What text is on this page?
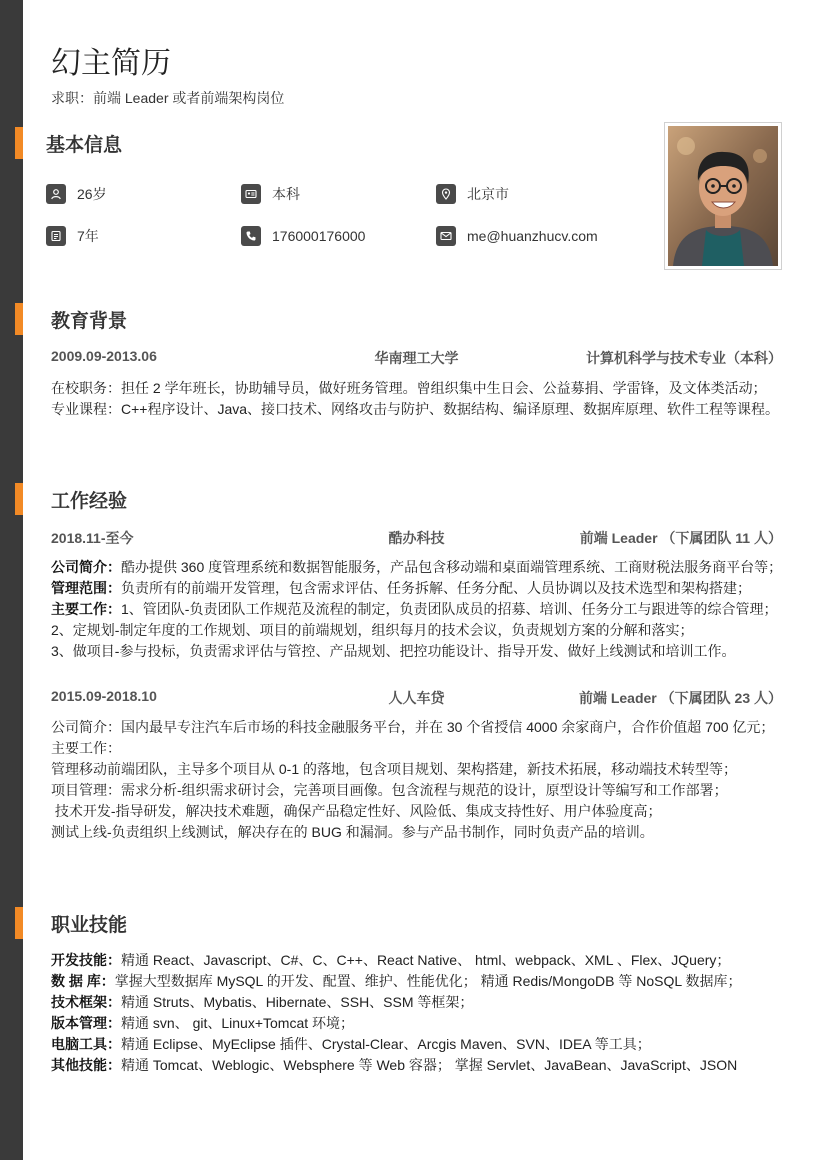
幻主简历
求职：前端 Leader 或者前端架构岗位
基本信息
26岁	本科	北京市
7年	176000176000	me@huanzhucv.com
教育背景
2009.09-2013.06	华南理工大学	计算机科学与技术专业（本科）
在校职务：担任 2 学年班长，协助辅导员，做好班务管理。曾组织集中生日会、公益募捐、学雷锋，及文体类活动；
专业课程：C++程序设计、Java、接口技术、网络攻击与防护、数据结构、编译原理、数据库原理、软件工程等课程。
工作经验
2018.11-至今	酷办科技	前端 Leader （下属团队 11 人）
公司简介：酷办提供 360 度管理系统和数据智能服务，产品包含移动端和桌面端管理系统、工商财税法服务商平台等；
管理范围：负责所有的前端开发管理，包含需求评估、任务拆解、任务分配、人员协调以及技术选型和架构搭建；
主要工作：1、管团队-负责团队工作规范及流程的制定，负责团队成员的招募、培训、任务分工与跟进等的综合管理；
2、定规划-制定年度的工作规划、项目的前端规划，组织每月的技术会议，负责规划方案的分解和落实；
3、做项目-参与投标，负责需求评估与管控、产品规划、把控功能设计、指导开发、做好上线测试和培训工作。
2015.09-2018.10	人人车贷	前端 Leader （下属团队 23 人）
公司简介：国内最早专注汽车后市场的科技金融服务平台，并在 30 个省授信 4000 余家商户，合作价值超 700 亿元；
主要工作：
管理移动前端团队，主导多个项目从 0-1 的落地，包含项目规划、架构搭建，新技术拓展，移动端技术转型等；
项目管理：需求分析-组织需求研讨会，完善项目画像。包含流程与规范的设计，原型设计等编写和工作部署；
技术开发-指导研发，解决技术难题，确保产品稳定性好、风险低、集成支持性好、用户体验度高；
测试上线-负责组织上线测试，解决存在的 BUG 和漏洞。参与产品书制作，同时负责产品的培训。
职业技能
开发技能：精通 React、Javascript、C#、C、C++、React Native、 html、webpack、XML 、Flex、JQuery；
数 据 库：掌握大型数据库 MySQL 的开发、配置、维护、性能优化； 精通 Redis/MongoDB 等 NoSQL 数据库；
技术框架：精通 Struts、Mybatis、Hibernate、SSH、SSM 等框架；
版本管理：精通 svn、 git、Linux+Tomcat 环境；
电脑工具：精通 Eclipse、MyEclipse 插件、Crystal-Clear、Arcgis Maven、SVN、IDEA 等工具；
其他技能：精通 Tomcat、Weblogic、Websphere 等 Web 容器； 掌握 Servlet、JavaBean、JavaScript、JSON
